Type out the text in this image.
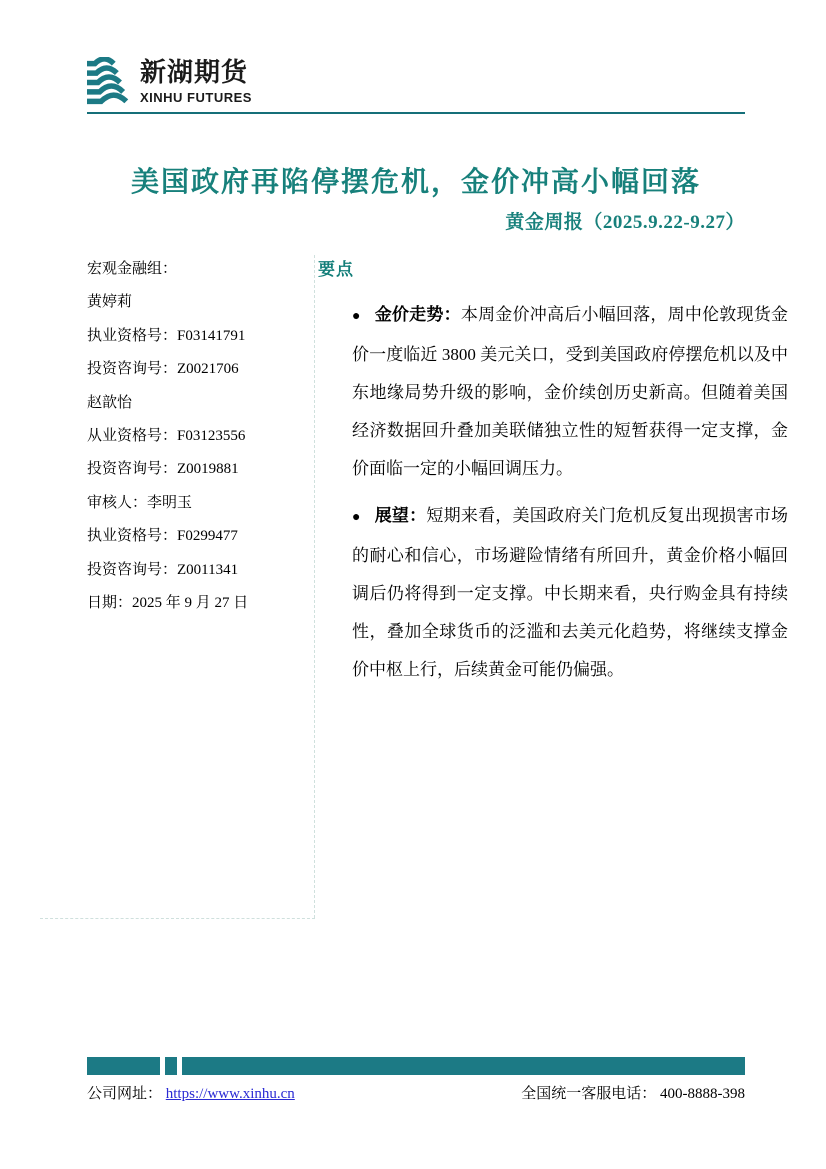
新湖期货
XINHU FUTURES
美国政府再陷停摆危机，金价冲高小幅回落
黄金周报（2025.9.22-9.27）
宏观金融组：
黄婷莉
执业资格号：F03141791
投资咨询号：Z0021706
赵歆怡
从业资格号：F03123556
投资咨询号：Z0019881
审核人：李明玉
执业资格号：F0299477
投资咨询号：Z0011341
日期：2025 年 9 月 27 日
要点

● 金价走势：本周金价冲高后小幅回落，周中伦敦现货金价一度临近 3800 美元关口，受到美国政府停摆危机以及中东地缘局势升级的影响，金价续创历史新高。但随着美国经济数据回升叠加美联储独立性的短暂获得一定支撑，金价面临一定的小幅回调压力。

● 展望：短期来看，美国政府关门危机反复出现损害市场的耐心和信心，市场避险情绪有所回升，黄金价格小幅回调后仍将得到一定支撑。中长期来看，央行购金具有持续性，叠加全球货币的泛滥和去美元化趋势，将继续支撑金价中枢上行，后续黄金可能仍偏强。

公司网址： https://www.xinhu.cn	全国统一客服电话： 400-8888-398
